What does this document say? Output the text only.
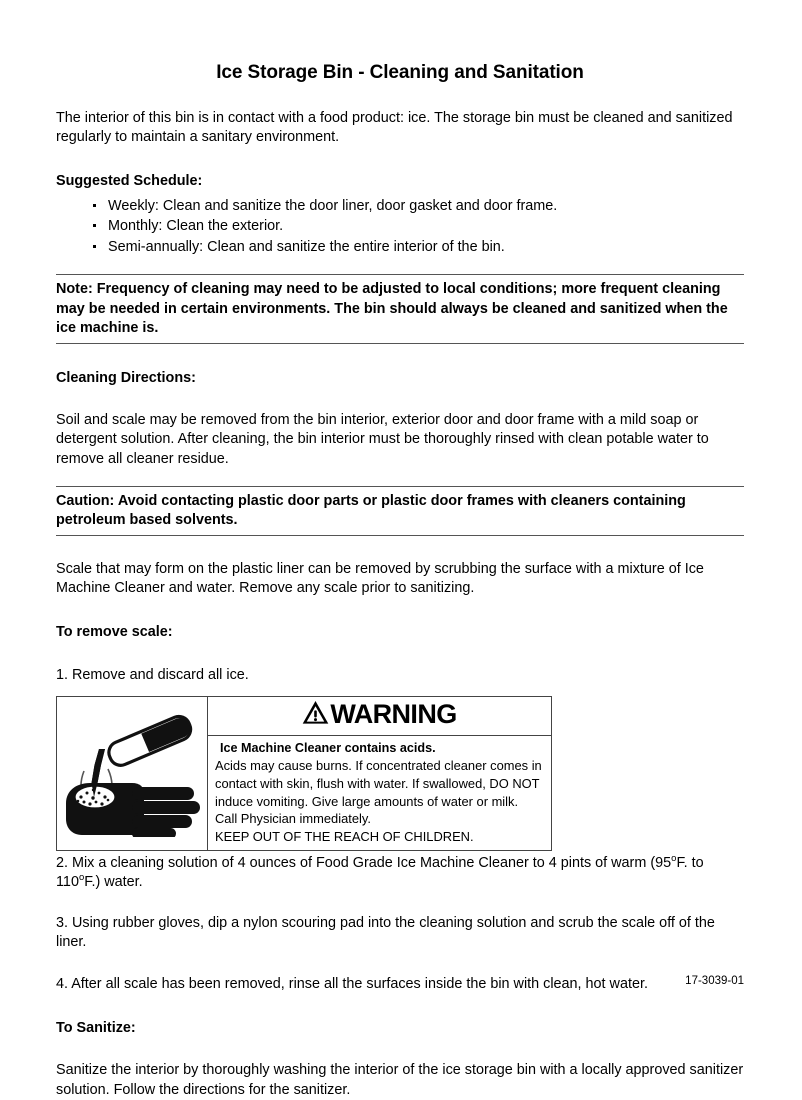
Ice Storage Bin - Cleaning and Sanitation

The interior of this bin is in contact with a food product: ice. The storage bin must be cleaned and sanitized regularly to maintain a sanitary environment.

Suggested Schedule:
Weekly: Clean and sanitize the door liner, door gasket and door frame.
Monthly: Clean the exterior.
Semi-annually: Clean and sanitize the entire interior of the bin.

Note: Frequency of cleaning may need to be adjusted to local conditions; more frequent cleaning may be needed in certain environments. The bin should always be cleaned and sanitized when the ice machine is.

Cleaning Directions:

Soil and scale may be removed from the bin interior, exterior door and door frame with a mild soap or detergent solution. After cleaning, the bin interior must be thoroughly rinsed with clean potable water to remove all cleaner residue.

Caution: Avoid contacting plastic door parts or plastic door frames with cleaners containing petroleum based solvents.

Scale that may form on the plastic liner can be removed by scrubbing the surface with a mixture of Ice Machine Cleaner and water. Remove any scale prior to sanitizing.

To remove scale:

1. Remove and discard all ice.

WARNING

Ice Machine Cleaner contains acids.

Acids may cause burns. If concentrated cleaner comes in

contact with skin, flush with water. If swallowed, DO NOT

induce vomiting. Give large amounts of water or milk.

Call Physician immediately.

KEEP OUT OF THE REACH OF CHILDREN.

2. Mix a cleaning solution of 4 ounces of Food Grade Ice Machine Cleaner to 4 pints of warm (95$^o$F. to 110$^o$F.) water.

3. Using rubber gloves, dip a nylon scouring pad into the cleaning solution and scrub the scale off of the liner.

4. After all scale has been removed, rinse all the surfaces inside the bin with clean, hot water.

To Sanitize:

Sanitize the interior by thoroughly washing the interior of the ice storage bin with a locally approved sanitizer solution. Follow the directions for the sanitizer.

17-3039-01
